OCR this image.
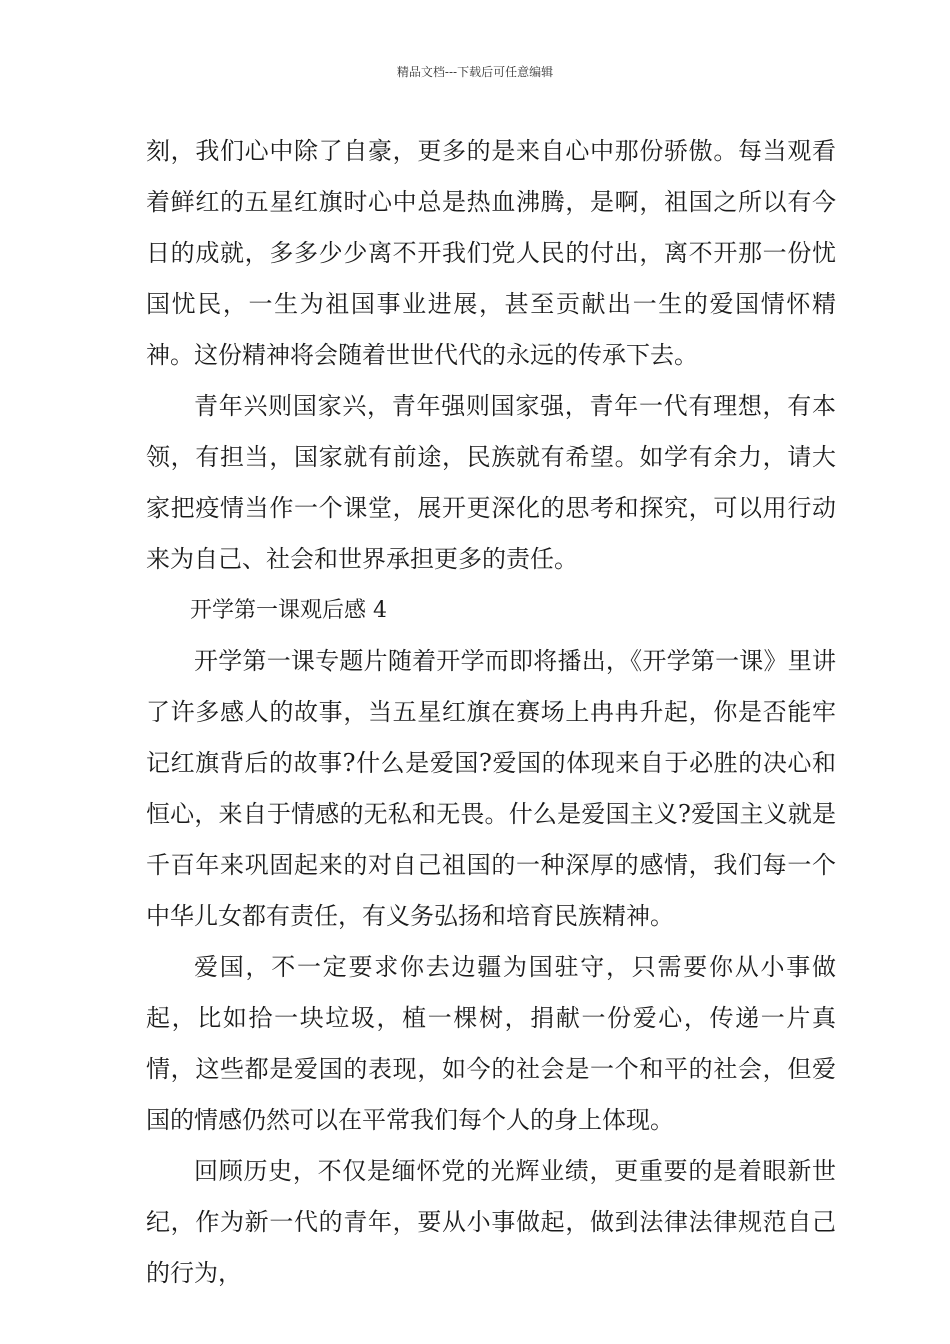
精品文档---下载后可任意编辑

刻，我们心中除了自豪，更多的是来自心中那份骄傲。每当观看着鲜红的五星红旗时心中总是热血沸腾，是啊，祖国之所以有今日的成就，多多少少离不开我们党人民的付出，离不开那一份忧国忧民，一生为祖国事业进展，甚至贡献出一生的爱国情怀精神。这份精神将会随着世世代代的永远的传承下去。

青年兴则国家兴，青年强则国家强，青年一代有理想，有本领，有担当，国家就有前途，民族就有希望。如学有余力，请大家把疫情当作一个课堂，展开更深化的思考和探究，可以用行动来为自己、社会和世界承担更多的责任。

开学第一课观后感 4

开学第一课专题片随着开学而即将播出，《开学第一课》里讲了许多感人的故事，当五星红旗在赛场上冉冉升起，你是否能牢记红旗背后的故事?什么是爱国?爱国的体现来自于必胜的决心和恒心，来自于情感的无私和无畏。什么是爱国主义?爱国主义就是千百年来巩固起来的对自己祖国的一种深厚的感情，我们每一个中华儿女都有责任，有义务弘扬和培育民族精神。

爱国，不一定要求你去边疆为国驻守，只需要你从小事做起，比如拾一块垃圾，植一棵树，捐献一份爱心，传递一片真情，这些都是爱国的表现，如今的社会是一个和平的社会，但爱国的情感仍然可以在平常我们每个人的身上体现。

回顾历史，不仅是缅怀党的光辉业绩，更重要的是着眼新世纪，作为新一代的青年，要从小事做起，做到法律法律规范自己的行为，
